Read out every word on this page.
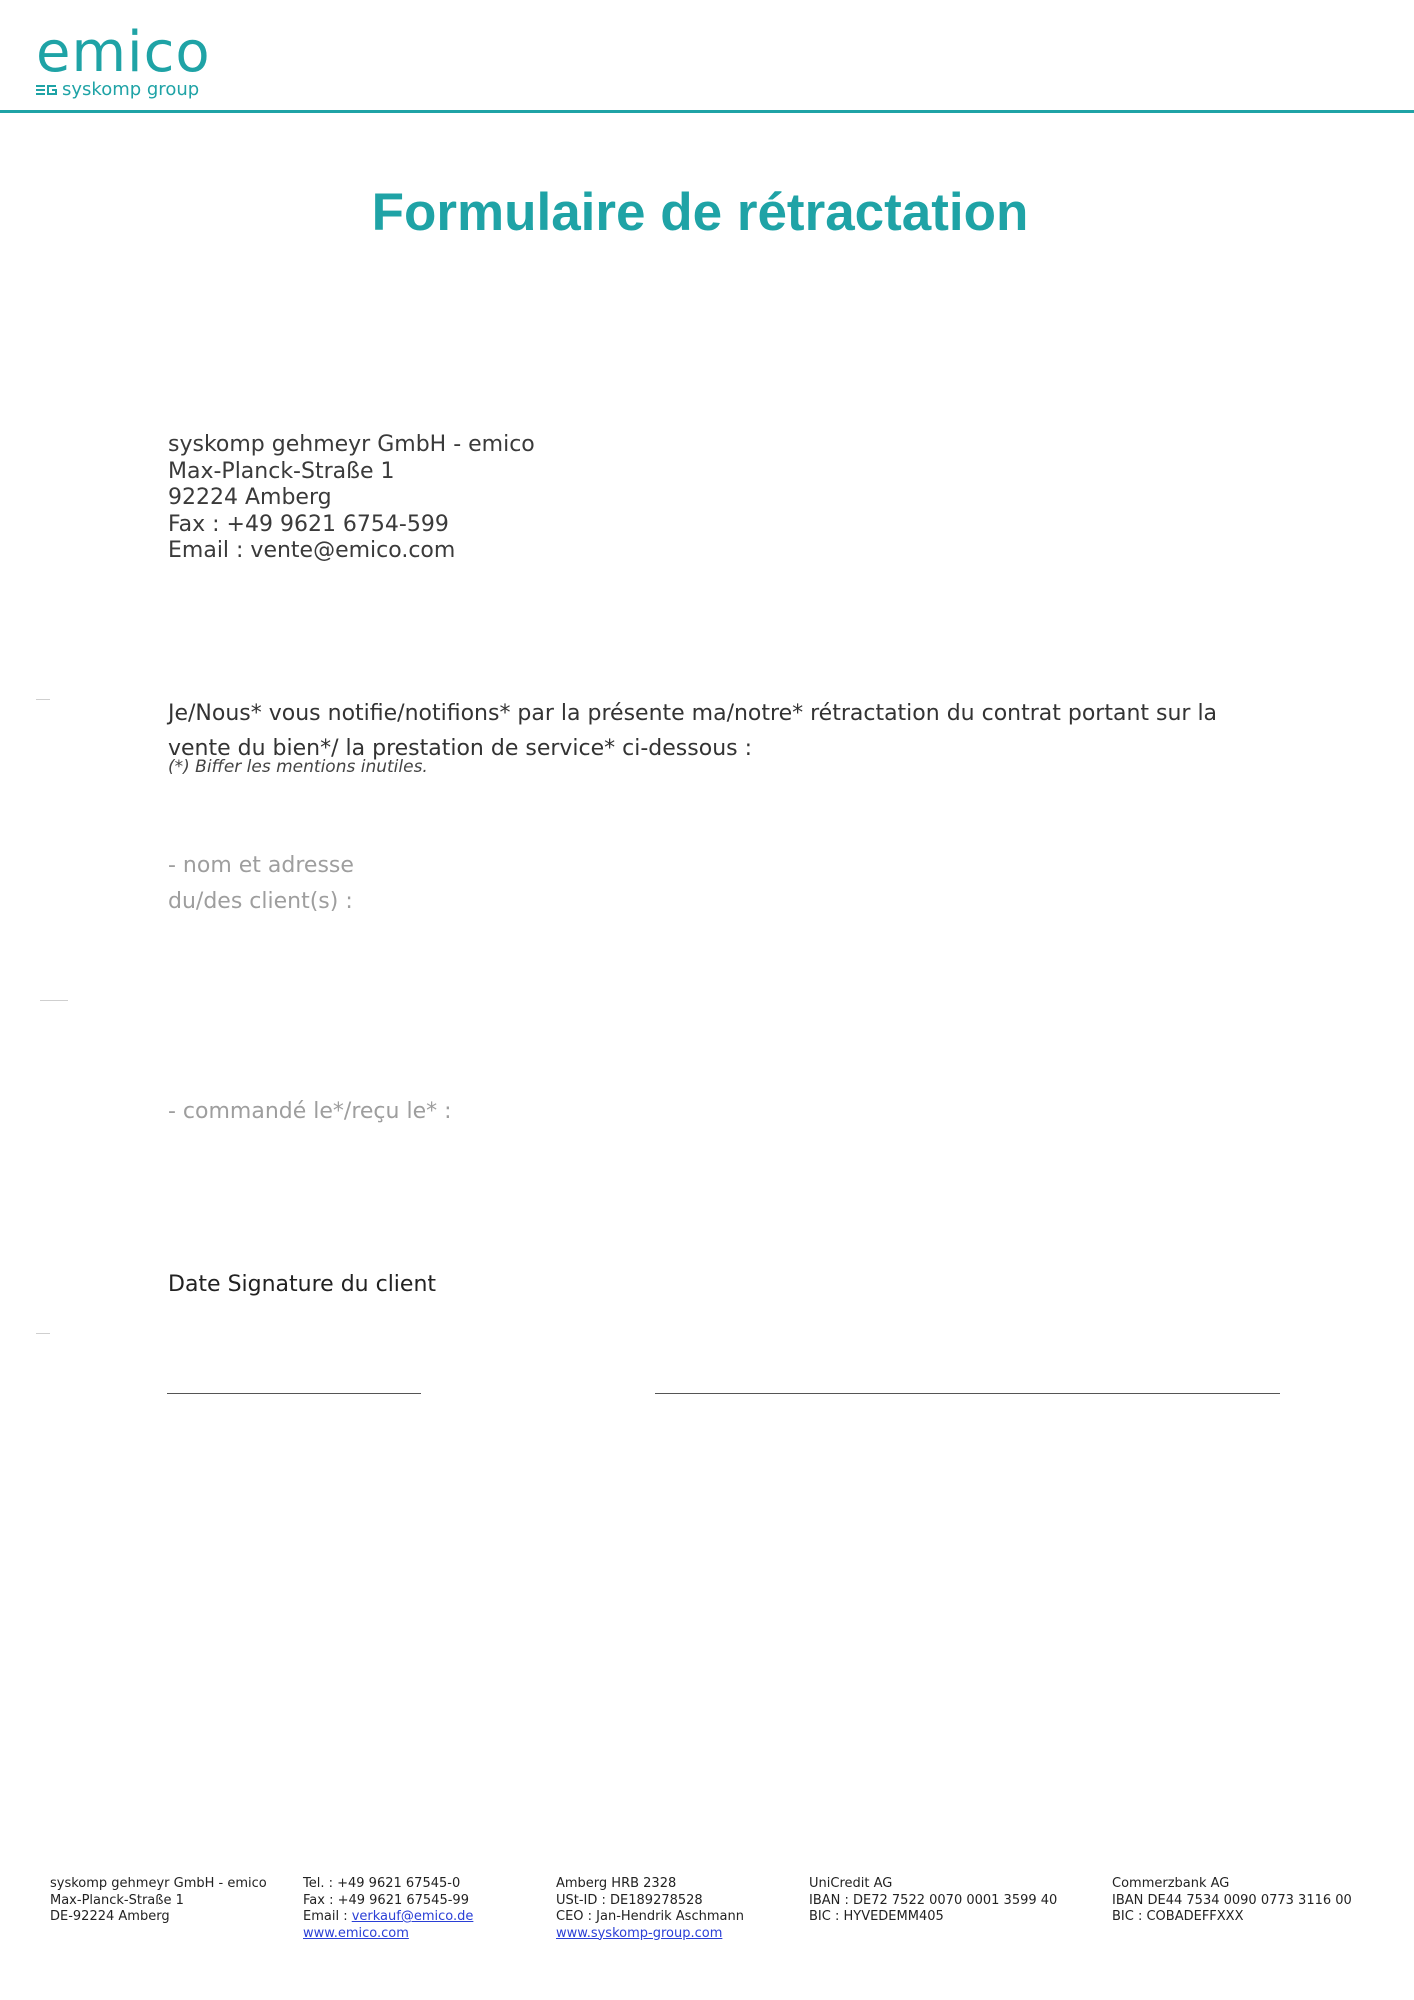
emico
syskomp group
Formulaire de rétractation
syskomp gehmeyr GmbH - emico
Max-Planck-Straße 1
92224 Amberg
Fax : +49 9621 6754-599
Email : vente@emico.com
Je/Nous* vous notifie/notifions* par la présente ma/notre* rétractation du contrat portant sur la vente du bien*/ la prestation de service* ci-dessous :
(*) Biffer les mentions inutiles.
- nom et adresse
du/des client(s) :
- commandé le*/reçu le* :
Date Signature du client
syskomp gehmeyr GmbH - emico
Max-Planck-Straße 1
DE-92224 Amberg
Tel. : +49 9621 67545-0
Fax : +49 9621 67545-99
Email : verkauf@emico.de
www.emico.com
Amberg HRB 2328
USt-ID : DE189278528
CEO : Jan-Hendrik Aschmann
www.syskomp-group.com
UniCredit AG
IBAN : DE72 7522 0070 0001 3599 40
BIC : HYVEDEMM405
Commerzbank AG
IBAN DE44 7534 0090 0773 3116 00
BIC : COBADEFFXXX
